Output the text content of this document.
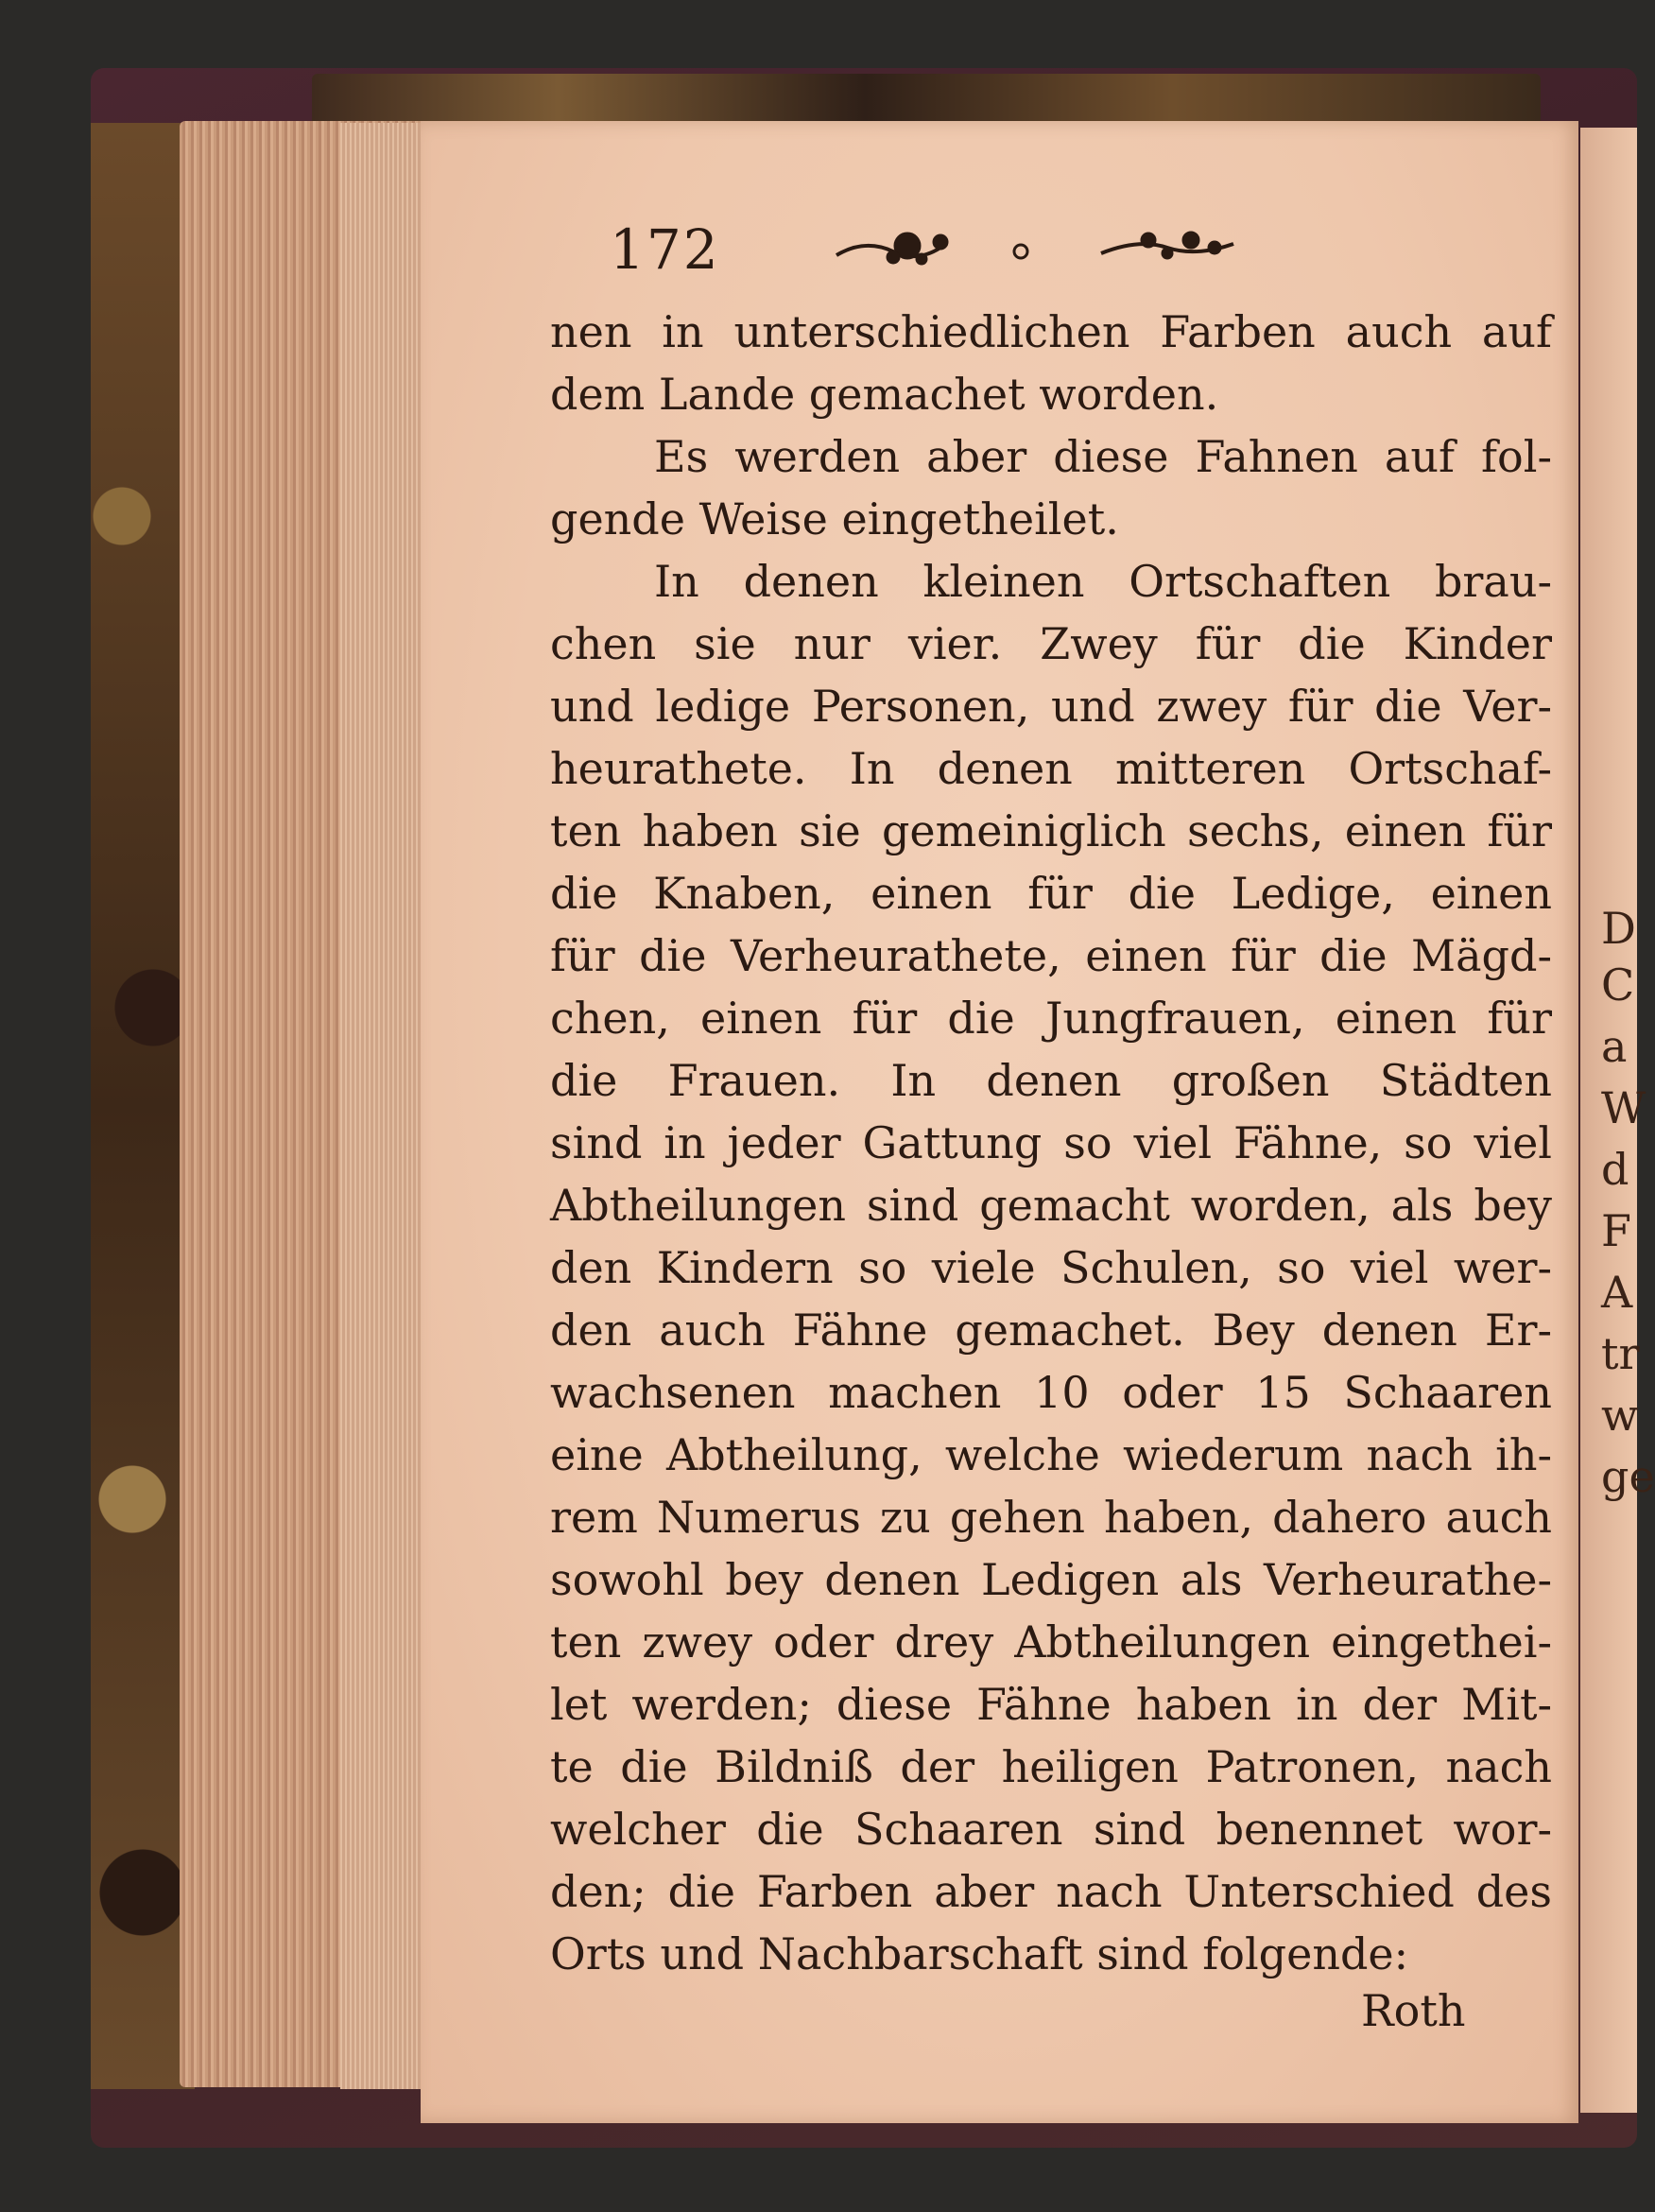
D
C
a
W
d
F
A
tr
w
ge
172
nen in unterschiedlichen Farben auch auf
dem Lande gemachet worden.
Es werden aber diese Fahnen auf fol-
gende Weise eingetheilet.
In denen kleinen Ortschaften brau-
chen sie nur vier. Zwey für die Kinder
und ledige Personen, und zwey für die Ver-
heurathete. In denen mitteren Ortschaf-
ten haben sie gemeiniglich sechs, einen für
die Knaben, einen für die Ledige, einen
für die Verheurathete, einen für die Mägd-
chen, einen für die Jungfrauen, einen für
die Frauen. In denen großen Städten
sind in jeder Gattung so viel Fähne, so viel
Abtheilungen sind gemacht worden, als bey
den Kindern so viele Schulen, so viel wer-
den auch Fähne gemachet. Bey denen Er-
wachsenen machen 10 oder 15 Schaaren
eine Abtheilung, welche wiederum nach ih-
rem Numerus zu gehen haben, dahero auch
sowohl bey denen Ledigen als Verheurathe-
ten zwey oder drey Abtheilungen eingethei-
let werden; diese Fähne haben in der Mit-
te die Bildniß der heiligen Patronen, nach
welcher die Schaaren sind benennet wor-
den; die Farben aber nach Unterschied des
Orts und Nachbarschaft sind folgende:
Roth
